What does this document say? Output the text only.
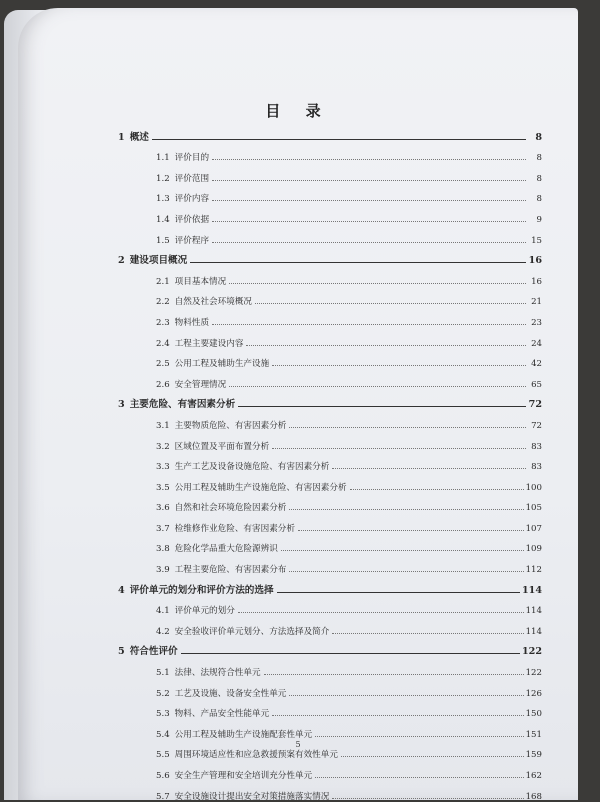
目 录
1 概述	8
1.1 评价目的	8
1.2 评价范围	8
1.3 评价内容	8
1.4 评价依据	9
1.5 评价程序	15
2 建设项目概况	16
2.1 项目基本情况	16
2.2 自然及社会环境概况	21
2.3 物料性质	23
2.4 工程主要建设内容	24
2.5 公用工程及辅助生产设施	42
2.6 安全管理情况	65
3 主要危险、有害因素分析	72
3.1 主要物质危险、有害因素分析	72
3.2 区域位置及平面布置分析	83
3.3 生产工艺及设备设施危险、有害因素分析	83
3.5 公用工程及辅助生产设施危险、有害因素分析	100
3.6 自然和社会环境危险因素分析	105
3.7 检维修作业危险、有害因素分析	107
3.8 危险化学品重大危险源辨识	109
3.9 工程主要危险、有害因素分布	112
4 评价单元的划分和评价方法的选择	114
4.1 评价单元的划分	114
4.2 安全验收评价单元划分、方法选择及简介	114
5 符合性评价	122
5.1 法律、法规符合性单元	122
5.2 工艺及设施、设备安全性单元	126
5.3 物料、产品安全性能单元	150
5.4 公用工程及辅助生产设施配套性单元	151
5.5 周围环境适应性和应急救援预案有效性单元	159
5.6 安全生产管理和安全培训充分性单元	162
5.7 安全设施设计提出安全对策措施落实情况	168
5
